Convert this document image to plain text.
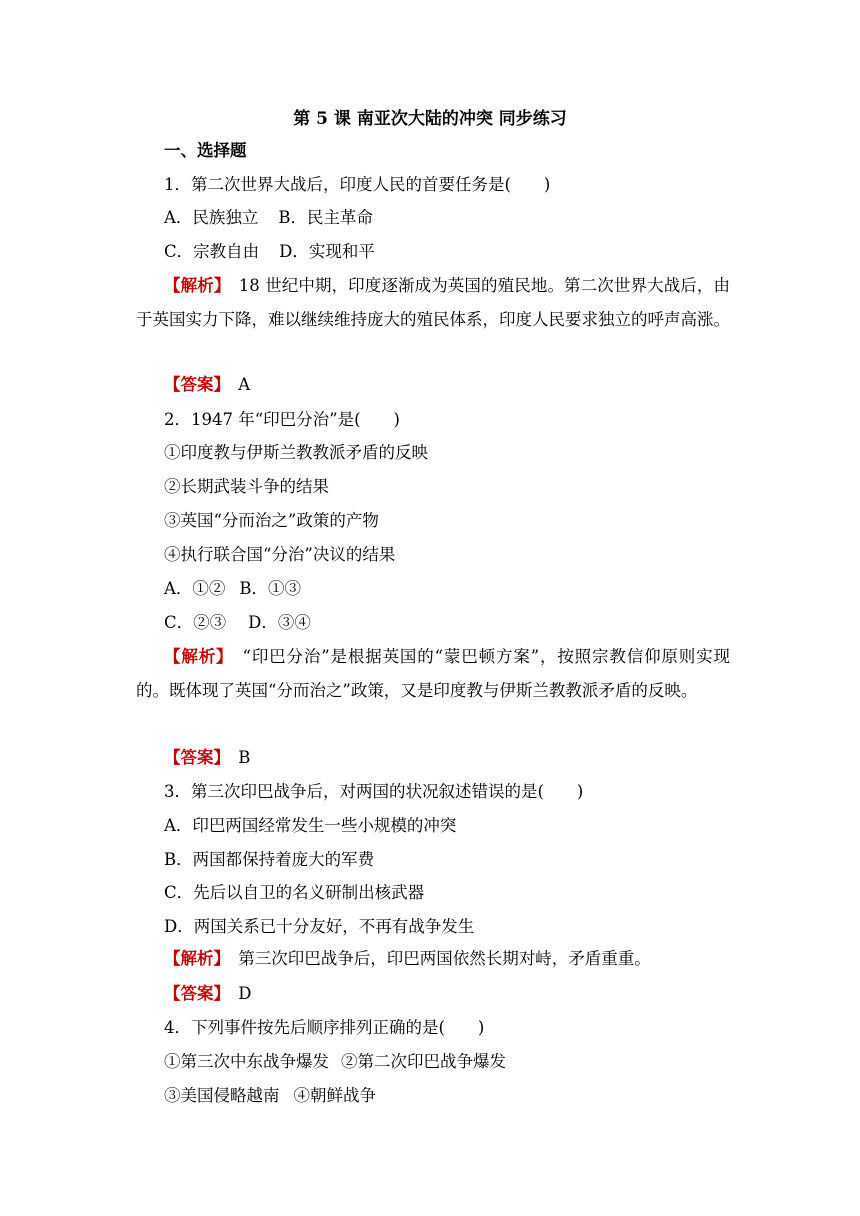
第 5 课 南亚次大陆的冲突 同步练习
一、选择题
1．第二次世界大战后，印度人民的首要任务是(　　)
A．民族独立 B．民主革命
C．宗教自由 D．实现和平
【解析】　 18 世纪中期，印度逐渐成为英国的殖民地。第二次世界大战后，由于英国实力下降，难以继续维持庞大的殖民体系，印度人民要求独立的呼声高涨。
【答案】　 A
2．1947 年“印巴分治”是(　　)
①印度教与伊斯兰教教派矛盾的反映
②长期武装斗争的结果
③英国“分而治之”政策的产物
④执行联合国“分治”决议的结果
A．①② B．①③
C．②③ D．③④
【解析】　 “印巴分治”是根据英国的“蒙巴顿方案”，按照宗教信仰原则实现的。既体现了英国“分而治之”政策，又是印度教与伊斯兰教教派矛盾的反映。
【答案】　 B
3．第三次印巴战争后，对两国的状况叙述错误的是(　　)
A．印巴两国经常发生一些小规模的冲突
B．两国都保持着庞大的军费
C．先后以自卫的名义研制出核武器
D．两国关系已十分友好，不再有战争发生
【解析】　 第三次印巴战争后，印巴两国依然长期对峙，矛盾重重。
【答案】　 D
4．下列事件按先后顺序排列正确的是(　　)
①第三次中东战争爆发 ②第二次印巴战争爆发
③美国侵略越南 ④朝鲜战争
